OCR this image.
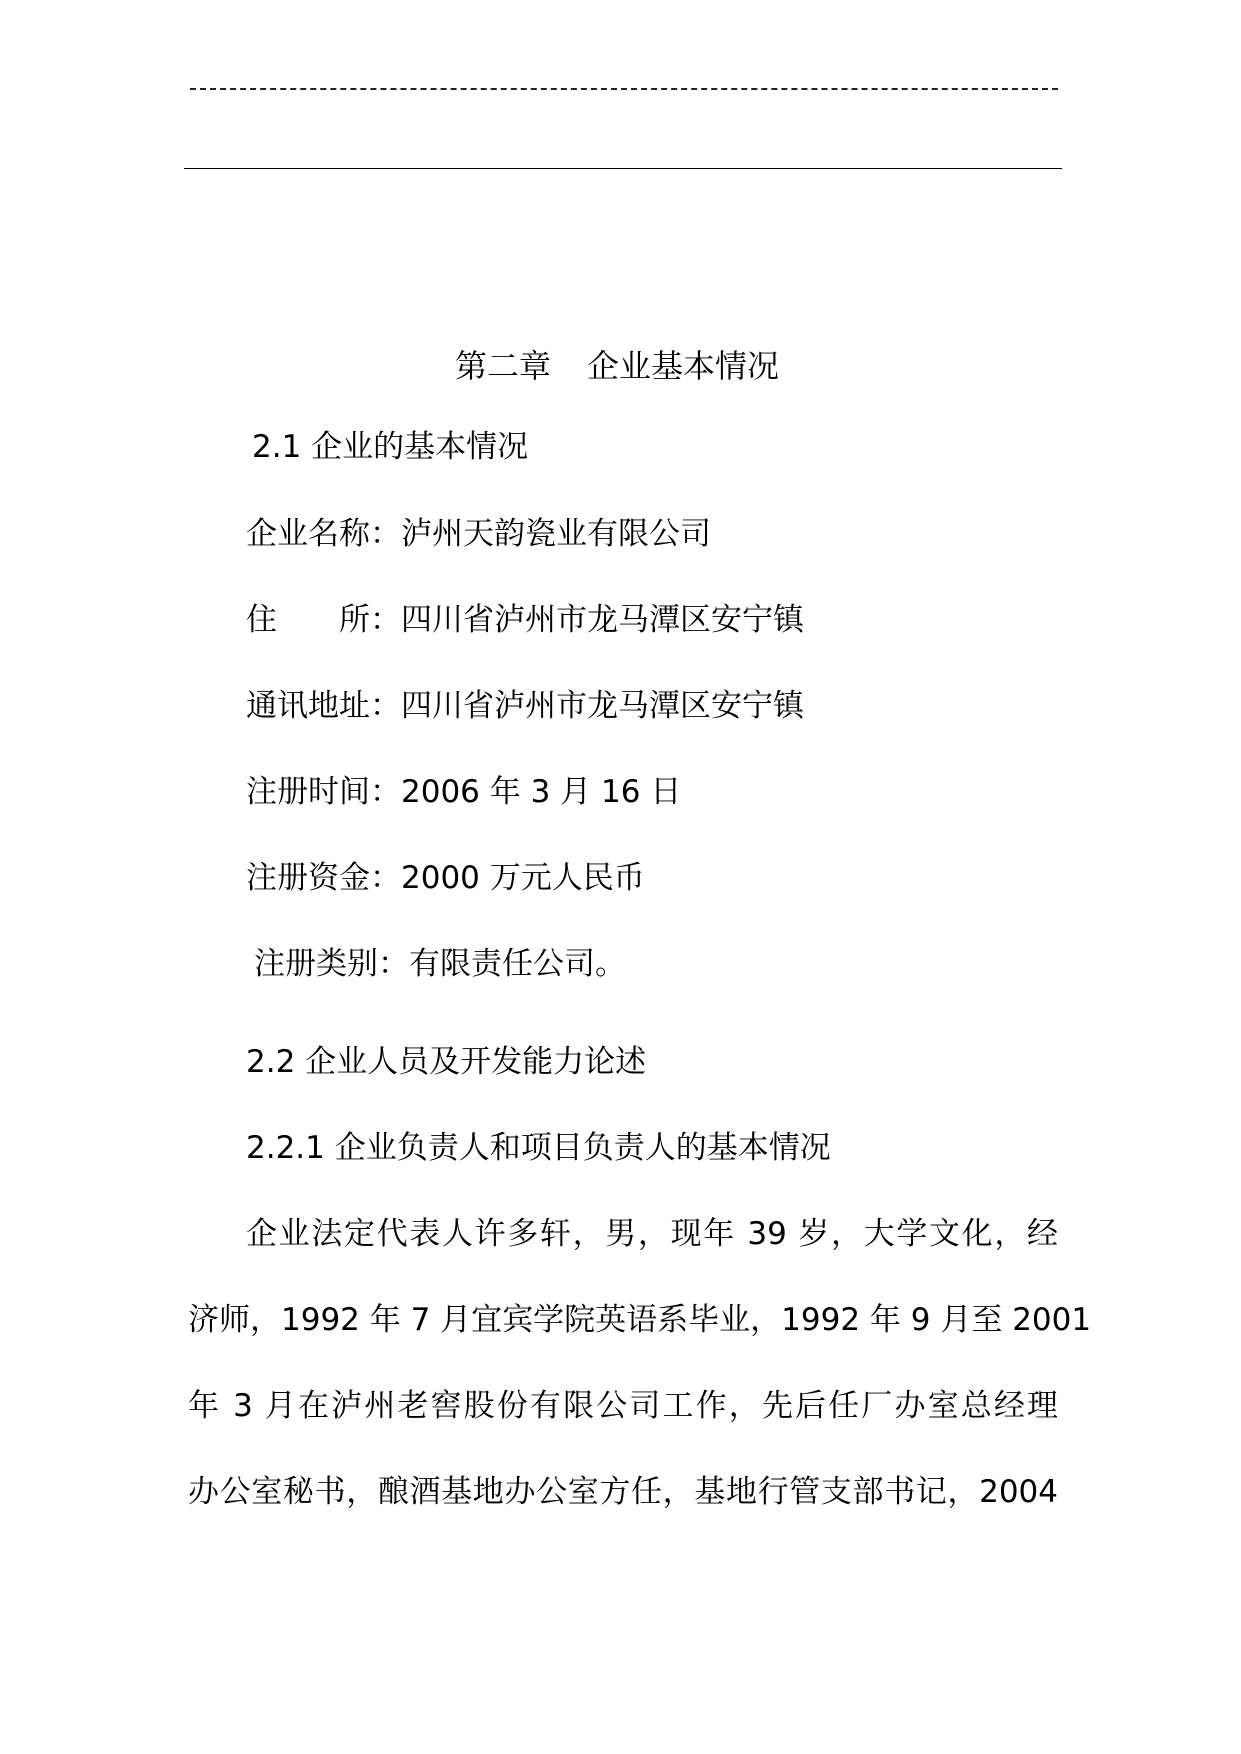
第二章 企业基本情况
2.1 企业的基本情况
企业名称：泸州天韵瓷业有限公司
住 所：四川省泸州市龙马潭区安宁镇
通讯地址：四川省泸州市龙马潭区安宁镇
注册时间：2006 年 3 月 16 日
注册资金：2000 万元人民币
注册类别：有限责任公司。
2.2 企业人员及开发能力论述
2.2.1 企业负责人和项目负责人的基本情况
企业法定代表人许多轩，男，现年 39 岁，大学文化，经
济师，1992 年 7 月宜宾学院英语系毕业，1992 年 9 月至 2001
年 3 月在泸州老窖股份有限公司工作，先后任厂办室总经理
办公室秘书，酿酒基地办公室方任，基地行管支部书记，2004
